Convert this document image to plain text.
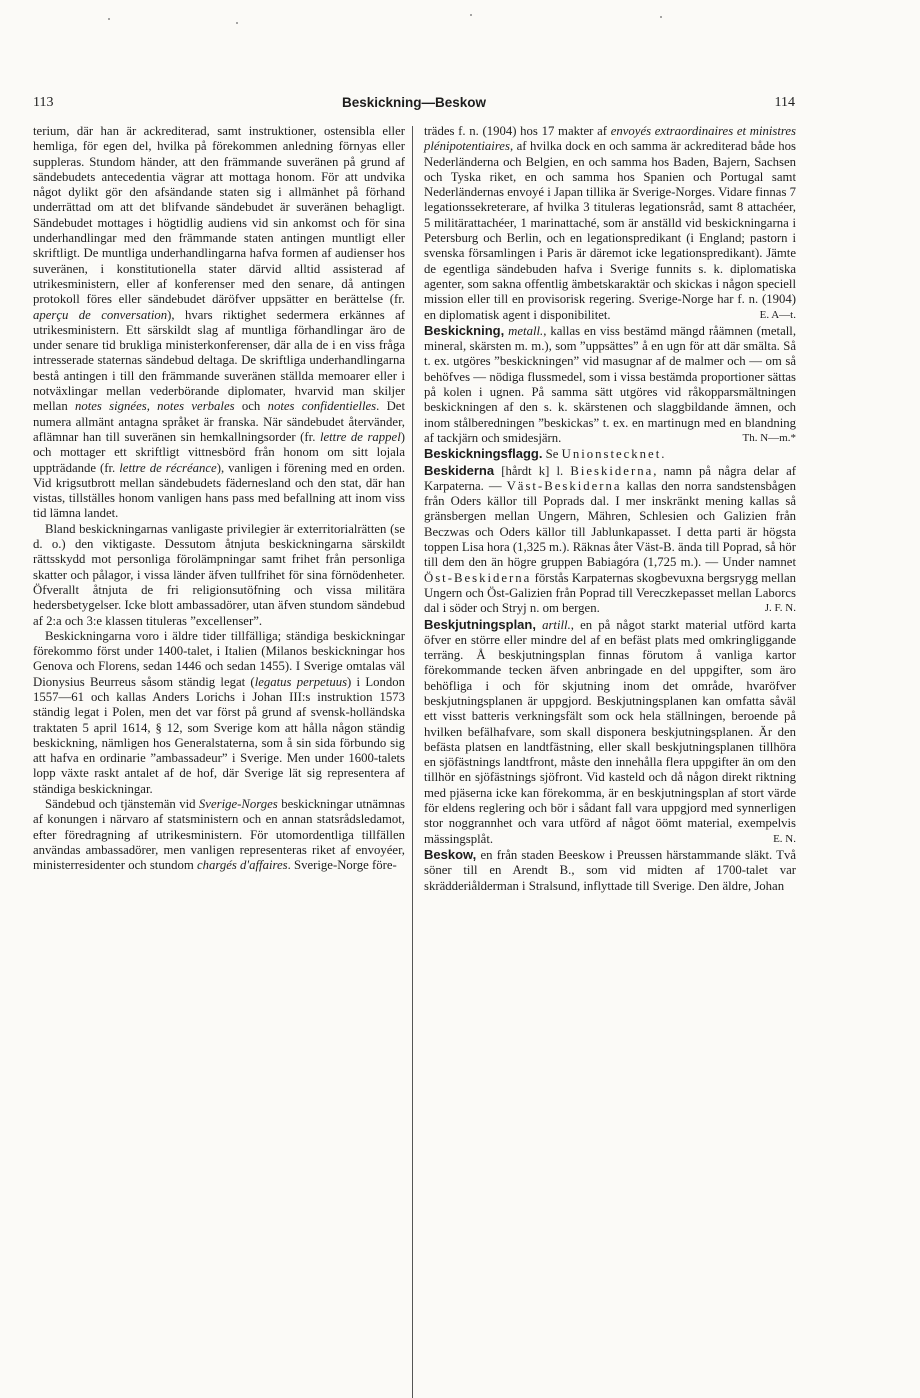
113	Beskickning—Beskow	114

terium, där han är ackrediterad, samt instruktioner, ostensibla eller hemliga, för egen del, hvilka på förekommen anledning förnyas eller suppleras. Stundom händer, att den främmande suveränen på grund af sändebudets antecedentia vägrar att mottaga honom. För att undvika något dylikt gör den afsändande staten sig i allmänhet på förhand underrättad om att det blifvande sändebudet är suveränen behagligt. Sändebudet mottages i högtidlig audiens vid sin ankomst och för sina underhandlingar med den främmande staten antingen muntligt eller skriftligt. De muntliga underhandlingarna hafva formen af audienser hos suveränen, i konstitutionella stater därvid alltid assisterad af utrikesministern, eller af konferenser med den senare, då antingen protokoll föres eller sändebudet däröfver uppsätter en berättelse (fr. aperçu de conversation), hvars riktighet sedermera erkännes af utrikesministern. Ett särskildt slag af muntliga förhandlingar äro de under senare tid brukliga ministerkonferenser, där alla de i en viss fråga intresserade staternas sändebud deltaga. De skriftliga underhandlingarna bestå antingen i till den främmande suveränen ställda memoarer eller i notväxlingar mellan vederbörande diplomater, hvarvid man skiljer mellan notes signées, notes verbales och notes confidentielles. Det numera allmänt antagna språket är franska. När sändebudet återvänder, aflämnar han till suveränen sin hemkallningsorder (fr. lettre de rappel) och mottager ett skriftligt vittnesbörd från honom om sitt lojala uppträdande (fr. lettre de récréance), vanligen i förening med en orden. Vid krigsutbrott mellan sändebudets fädernesland och den stat, där han vistas, tillställes honom vanligen hans pass med befallning att inom viss tid lämna landet.

Bland beskickningarnas vanligaste privilegier är exterritorialrätten (se d. o.) den viktigaste. Dessutom åtnjuta beskickningarna särskildt rättsskydd mot personliga förolämpningar samt frihet från personliga skatter och pålagor, i vissa länder äfven tullfrihet för sina förnödenheter. Öfverallt åtnjuta de fri religionsutöfning och vissa militära hedersbetygelser. Icke blott ambassadörer, utan äfven stundom sändebud af 2:a och 3:e klassen tituleras ”excellenser”.

Beskickningarna voro i äldre tider tillfälliga; ständiga beskickningar förekommo först under 1400-talet, i Italien (Milanos beskickningar hos Genova och Florens, sedan 1446 och sedan 1455). I Sverige omtalas väl Dionysius Beurreus såsom ständig legat (legatus perpetuus) i London 1557—61 och kallas Anders Lorichs i Johan III:s instruktion 1573 ständig legat i Polen, men det var först på grund af svensk-holländska traktaten 5 april 1614, § 12, som Sverige kom att hålla någon ständig beskickning, nämligen hos Generalstaterna, som å sin sida förbundo sig att hafva en ordinarie ”ambassadeur” i Sverige. Men under 1600-talets lopp växte raskt antalet af de hof, där Sverige lät sig representera af ständiga beskickningar.

Sändebud och tjänstemän vid Sverige-Norges beskickningar utnämnas af konungen i närvaro af statsministern och en annan statsrådsledamot, efter föredragning af utrikesministern. För utomordentliga tillfällen användas ambassadörer, men vanligen representeras riket af envoyéer, ministerresidenter och stundom chargés d'affaires. Sverige-Norge före-

trädes f. n. (1904) hos 17 makter af envoyés extraordinaires et ministres plénipotentiaires, af hvilka dock en och samma är ackrediterad både hos Nederländerna och Belgien, en och samma hos Baden, Bajern, Sachsen och Tyska riket, en och samma hos Spanien och Portugal samt Nederländernas envoyé i Japan tillika är Sverige-Norges. Vidare finnas 7 legationssekreterare, af hvilka 3 tituleras legationsråd, samt 8 attachéer, 5 militärattachéer, 1 marinattaché, som är anställd vid beskickningarna i Petersburg och Berlin, och en legationspredikant (i England; pastorn i svenska församlingen i Paris är däremot icke legationspredikant). Jämte de egentliga sändebuden hafva i Sverige funnits s. k. diplomatiska agenter, som sakna offentlig ämbetskaraktär och skickas i någon speciell mission eller till en provisorisk regering. Sverige-Norge har f. n. (1904) en diplomatisk agent i disponibilitet.	E. A—t.

Beskickning, metall., kallas en viss bestämd mängd råämnen (metall, mineral, skärsten m. m.), som ”uppsättes” å en ugn för att där smälta. Så t. ex. utgöres ”beskickningen” vid masugnar af de malmer och — om så behöfves — nödiga flussmedel, som i vissa bestämda proportioner sättas på kolen i ugnen. På samma sätt utgöres vid råkopparsmältningen beskickningen af den s. k. skärstenen och slaggbildande ämnen, och inom stålberedningen ”beskickas” t. ex. en martinugn med en blandning af tackjärn och smidesjärn.	Th. N—m.*

Beskickningsflagg. Se Unionstecknet.

Beskiderna [hårdt k] l. Bieskiderna, namn på några delar af Karpaterna. — Väst-Beskiderna kallas den norra sandstensbågen från Oders källor till Poprads dal. I mer inskränkt mening kallas så gränsbergen mellan Ungern, Mähren, Schlesien och Galizien från Beczwas och Oders källor till Jablunkapasset. I detta parti är högsta toppen Lisa hora (1,325 m.). Räknas åter Väst-B. ända till Poprad, så hör till dem den än högre gruppen Babiagóra (1,725 m.). — Under namnet Öst-Beskiderna förstås Karpaternas skogbevuxna bergsrygg mellan Ungern och Öst-Galizien från Poprad till Vereczkepasset mellan Laborcs dal i söder och Stryj n. om bergen.	J. F. N.

Beskjutningsplan, artill., en på något starkt material utförd karta öfver en större eller mindre del af en befäst plats med omkringliggande terräng. Å beskjutningsplan finnas förutom å vanliga kartor förekommande tecken äfven anbringade en del uppgifter, som äro behöfliga i och för skjutning inom det område, hvaröfver beskjutningsplanen är uppgjord. Beskjutningsplanen kan omfatta såväl ett visst batteris verkningsfält som ock hela ställningen, beroende på hvilken befälhafvare, som skall disponera beskjutningsplanen. Är den befästa platsen en landtfästning, eller skall beskjutningsplanen tillhöra en sjöfästnings landtfront, måste den innehålla flera uppgifter än om den tillhör en sjöfästnings sjöfront. Vid kasteld och då någon direkt riktning med pjäserna icke kan förekomma, är en beskjutningsplan af stort värde för eldens reglering och bör i sådant fall vara uppgjord med synnerligen stor noggrannhet och vara utförd af något öömt material, exempelvis mässingsplåt.	E. N.

Beskow, en från staden Beeskow i Preussen härstammande släkt. Två söner till en Arendt B., som vid midten af 1700-talet var skrädderiålderman i Stralsund, inflyttade till Sverige. Den äldre, Johan
